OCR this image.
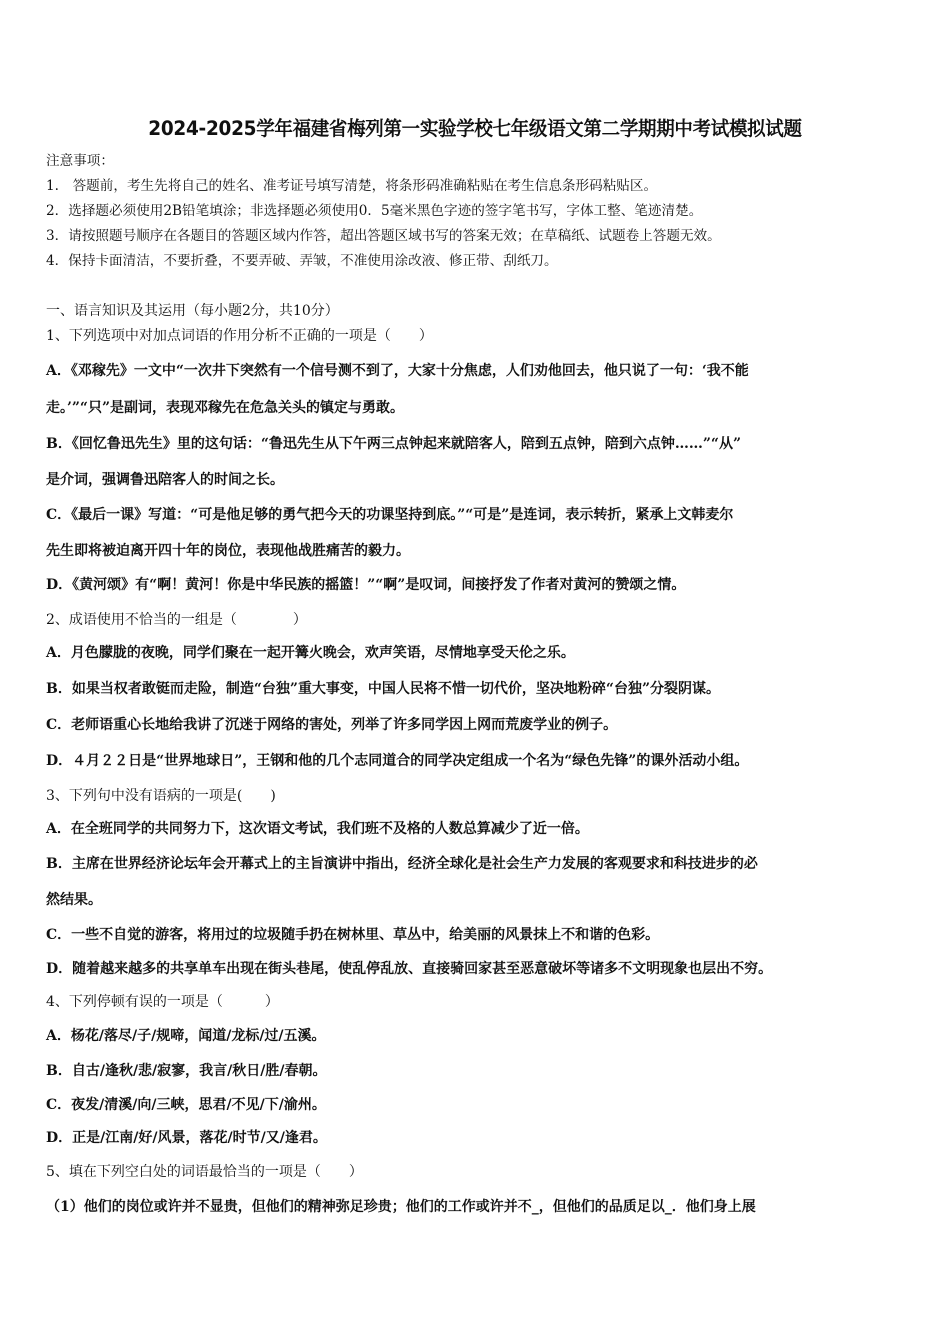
2024-2025学年福建省梅列第一实验学校七年级语文第二学期期中考试模拟试题
注意事项：
1.　答题前，考生先将自己的姓名、准考证号填写清楚，将条形码准确粘贴在考生信息条形码粘贴区。
2．选择题必须使用2B铅笔填涂；非选择题必须使用0．5毫米黑色字迹的签字笔书写，字体工整、笔迹清楚。
3．请按照题号顺序在各题目的答题区域内作答，超出答题区域书写的答案无效；在草稿纸、试题卷上答题无效。
4．保持卡面清洁，不要折叠，不要弄破、弄皱，不准使用涂改液、修正带、刮纸刀。
一、语言知识及其运用（每小题2分，共10分）
1、下列选项中对加点词语的作用分析不正确的一项是（　　）
A．《邓稼先》一文中“一次井下突然有一个信号测不到了，大家十分焦虑，人们劝他回去，他只说了一句：‘我不能
走。’”“只”是副词，表现邓稼先在危急关头的镇定与勇敢。
B．《回忆鲁迅先生》里的这句话：“鲁迅先生从下午两三点钟起来就陪客人，陪到五点钟，陪到六点钟……”“从”
是介词，强调鲁迅陪客人的时间之长。
C．《最后一课》写道：“可是他足够的勇气把今天的功课坚持到底。”“可是”是连词，表示转折，紧承上文韩麦尔
先生即将被迫离开四十年的岗位，表现他战胜痛苦的毅力。
D．《黄河颂》有“啊！黄河！你是中华民族的摇篮！”“啊”是叹词，间接抒发了作者对黄河的赞颂之情。
2、成语使用不恰当的一组是（　　　　）
A．月色朦胧的夜晚，同学们聚在一起开篝火晚会，欢声笑语，尽情地享受天伦之乐。
B．如果当权者敢铤而走险，制造“台独”重大事变，中国人民将不惜一切代价，坚决地粉碎“台独”分裂阴谋。
C．老师语重心长地给我讲了沉迷于网络的害处，列举了许多同学因上网而荒废学业的例子。
D．４月２２日是“世界地球日”，王钢和他的几个志同道合的同学决定组成一个名为“绿色先锋”的课外活动小组。
3、下列句中没有语病的一项是(　　)
A．在全班同学的共同努力下，这次语文考试，我们班不及格的人数总算减少了近一倍。
B．主席在世界经济论坛年会开幕式上的主旨演讲中指出，经济全球化是社会生产力发展的客观要求和科技进步的必
然结果。
C．一些不自觉的游客，将用过的垃圾随手扔在树林里、草丛中，给美丽的风景抹上不和谐的色彩。
D．随着越来越多的共享单车出现在街头巷尾，使乱停乱放、直接骑回家甚至恶意破坏等诸多不文明现象也层出不穷。
4、下列停顿有误的一项是（　　　）
A．杨花/落尽/子/规啼，闻道/龙标/过/五溪。
B．自古/逢秋/悲/寂寥，我言/秋日/胜/春朝。
C．夜发/清溪/向/三峡，思君/不见/下/渝州。
D．正是/江南/好/风景，落花/时节/又/逢君。
5、填在下列空白处的词语最恰当的一项是（　　）
（1）他们的岗位或许并不显贵，但他们的精神弥足珍贵；他们的工作或许并不_，但他们的品质足以_．他们身上展
